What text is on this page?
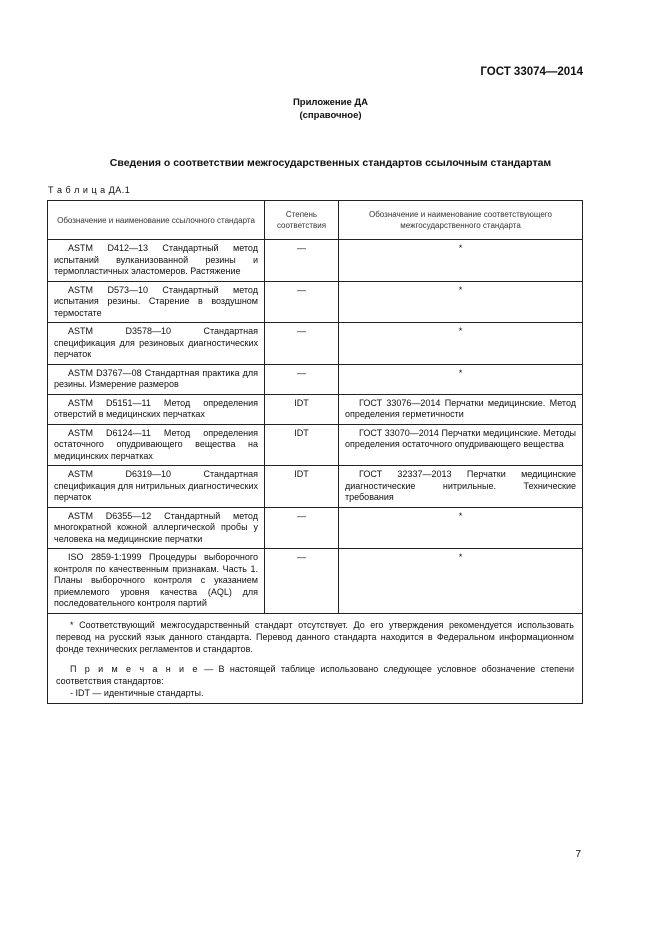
ГОСТ 33074—2014
Приложение ДА
(справочное)
Сведения о соответствии межгосударственных стандартов ссылочным стандартам
Т а б л и ц а ДА.1
Обозначение и наименование ссылочного стандарта	Степень соответствия	Обозначение и наименование соответствующего межгосударственного стандарта
ASTM D412—13 Стандартный метод испытаний вулканизованной резины и термопластичных эластомеров. Растяжение	—	*
ASTM D573—10 Стандартный метод испытания резины. Старение в воздушном термостате	—	*
ASTM D3578—10 Стандартная спецификация для резиновых диагностических перчаток	—	*
ASTM D3767—08 Стандартная практика для резины. Измерение размеров	—	*
ASTM D5151—11 Метод определения отверстий в медицинских перчатках	IDT	ГОСТ 33076—2014 Перчатки медицинские. Метод определения герметичности
ASTM D6124—11 Метод определения остаточного опудривающего вещества на медицинских перчатках	IDT	ГОСТ 33070—2014 Перчатки медицинские. Методы определения остаточного опудривающего вещества
ASTM D6319—10 Стандартная спецификация для нитрильных диагностических перчаток	IDT	ГОСТ 32337—2013 Перчатки медицинские диагностические нитрильные. Технические требования
ASTM D6355—12 Стандартный метод многократной кожной аллергической пробы у человека на медицинские перчатки	—	*
ISO 2859-1:1999 Процедуры выборочного контроля по качественным признакам. Часть 1. Планы выборочного контроля с указанием приемлемого уровня качества (AQL) для последовательного контроля партий	—	*

* Соответствующий межгосударственный стандарт отсутствует. До его утверждения рекомендуется использовать перевод на русский язык данного стандарта. Перевод данного стандарта находится в Федеральном информационном фонде технических регламентов и стандартов.

П р и м е ч а н и е — В настоящей таблице использовано следующее условное обозначение степени соответствия стандартов:

- IDT — идентичные стандарты.		

7
